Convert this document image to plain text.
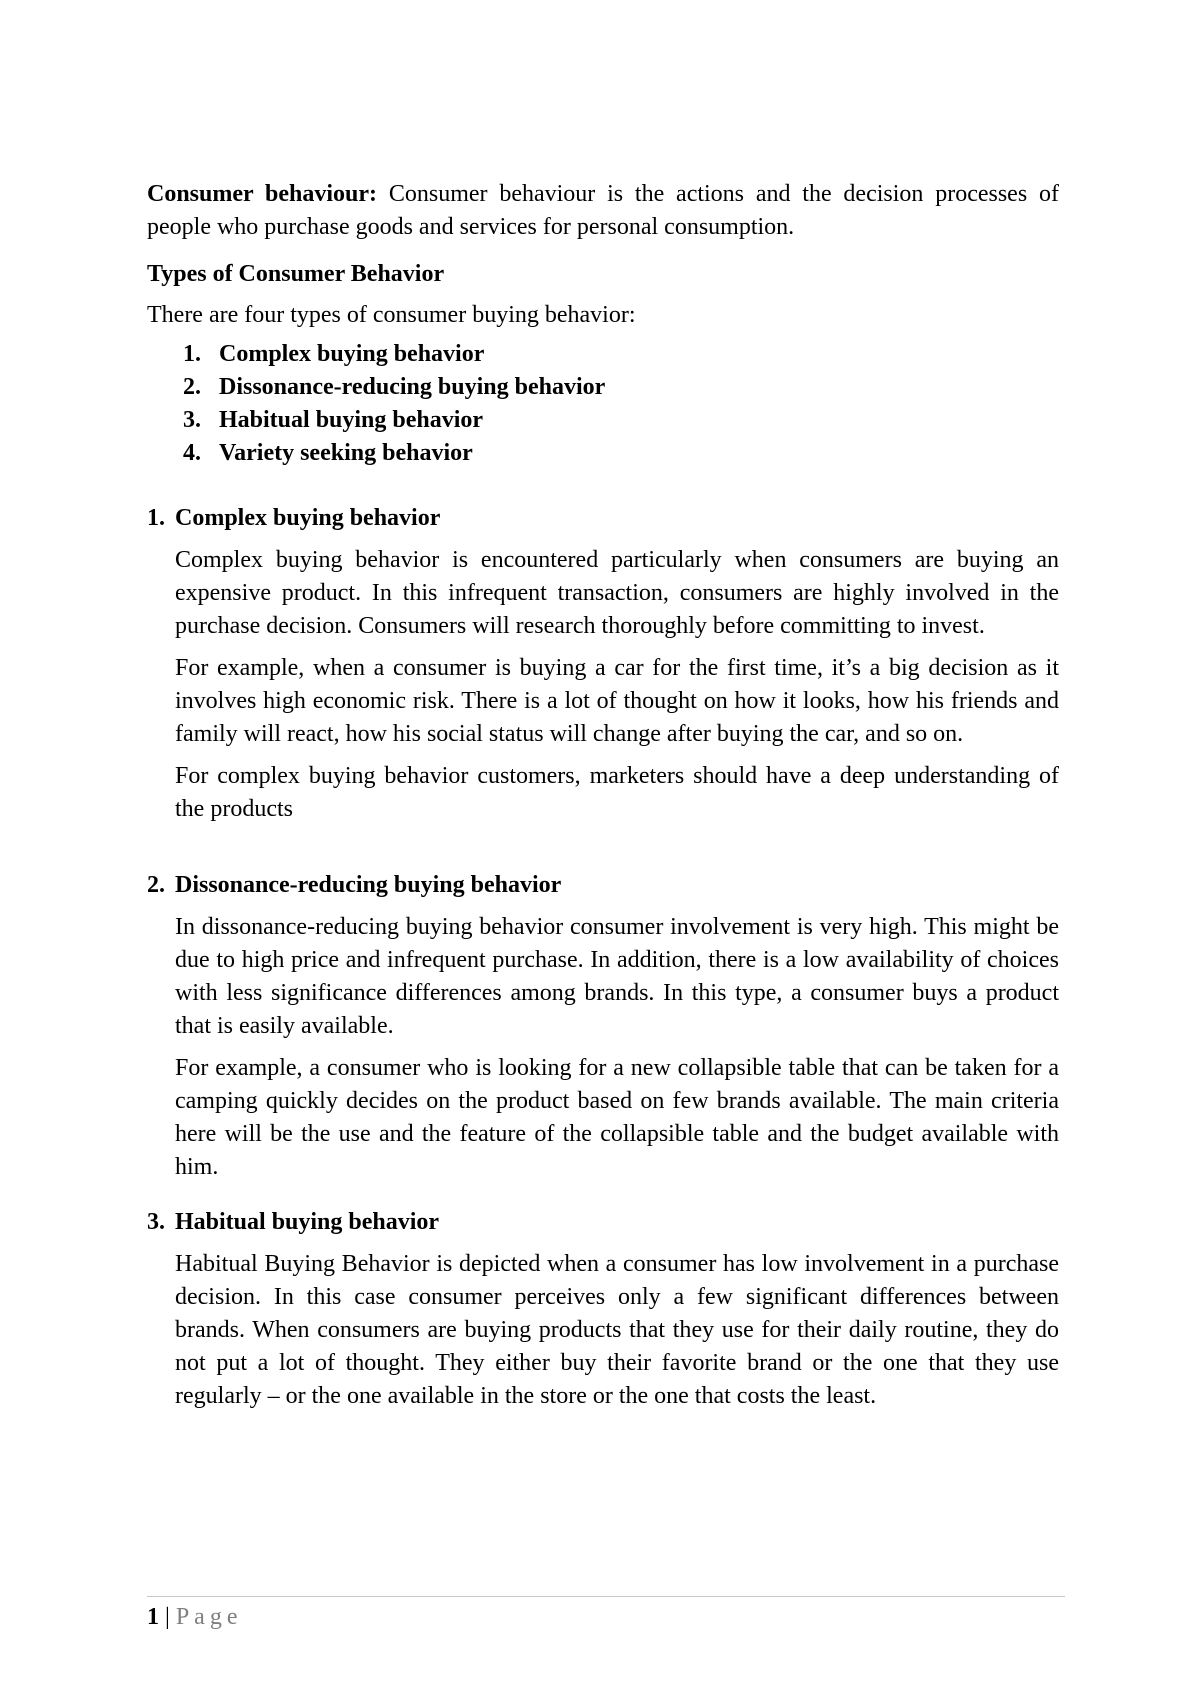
Consumer behaviour: Consumer behaviour is the actions and the decision processes of people who purchase goods and services for personal consumption.

Types of Consumer Behavior

There are four types of consumer buying behavior:

1. Complex buying behavior
2. Dissonance-reducing buying behavior
3. Habitual buying behavior
4. Variety seeking behavior

1. Complex buying behavior

Complex buying behavior is encountered particularly when consumers are buying an expensive product. In this infrequent transaction, consumers are highly involved in the purchase decision. Consumers will research thoroughly before committing to invest.

For example, when a consumer is buying a car for the first time, it’s a big decision as it involves high economic risk. There is a lot of thought on how it looks, how his friends and family will react, how his social status will change after buying the car, and so on.

For complex buying behavior customers, marketers should have a deep understanding of the products

2. Dissonance-reducing buying behavior

In dissonance-reducing buying behavior consumer involvement is very high. This might be due to high price and infrequent purchase. In addition, there is a low availability of choices with less significance differences among brands. In this type, a consumer buys a product that is easily available.

For example, a consumer who is looking for a new collapsible table that can be taken for a camping quickly decides on the product based on few brands available. The main criteria here will be the use and the feature of the collapsible table and the budget available with him.

3. Habitual buying behavior

Habitual Buying Behavior is depicted when a consumer has low involvement in a purchase decision. In this case consumer perceives only a few significant differences between brands. When consumers are buying products that they use for their daily routine, they do not put a lot of thought. They either buy their favorite brand or the one that they use regularly – or the one available in the store or the one that costs the least.

1 | Page
